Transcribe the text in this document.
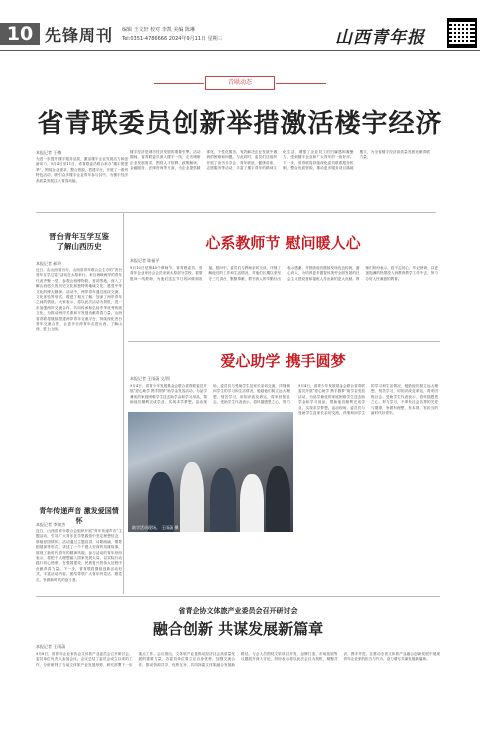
10 先锋周刊 编辑 王文轩 校对 李凯 美编 陈琳
Tel:0351-4786666 2024年9月11日 星期三	山西青年报
青联动态
省青联委员创新举措激活楼宇经济
本报记者 王梅
为进一步提升楼宇服务品质，激活楼宇企业发展活力和创新动力，9月4日至11日，省青联委员联合举办“楼宇团建季”，围绕企业需求，整合资源，搭建平台，开展了一系列特色活动，吸引众多楼宇企业青年参与其中，为楼宇经济高质量发展注入青春动能。
楼宇经济是城市经济发展的重要引擎。活动期间，省青联委员深入楼宇一线，走访调研企业发展需求，围绕人才招聘、政策解读、金融服务、法律咨询等方面，为企业提供精准化、个性化服务，有效解决企业发展中遇到的困难和问题。与此同时，委员们还组织开展了读书分享会、青年联谊、健康讲座、志愿服务等活动，丰富了楼宇青年的精神文化生活，增强了企业员工的归属感和凝聚力，受到楼宇企业和广大青年的一致好评。下一步，省青联将持续深化委员联系服务机制，整合优质资源，推动更多服务项目落地楼宇，为全省楼宇经济高质量发展贡献青联力量。
晋台青年互学互鉴
了解山西历史
本报记者 郝玲
近日，由山西省台办、山西省青年联合会主办的“晋台青年互学互鉴”活动在太原举行。来自海峡两岸的青年代表齐聚一堂，参观山西博物院、晋祠等地，深入了解山西悠久的历史文化和独特的地域文化，感受中华文化的博大精深。活动中，两岸青年通过座谈交流、文化体验等形式，增进了相互了解，加深了两岸青年之间的情谊。大家表示，将以此次活动为契机，进一步加强两岸交流合作，共同传承和弘扬中华优秀传统文化，为推动两岸关系和平发展贡献青春力量。山西省青联将继续搭建两岸青年交流平台，持续深化晋台青年交流合作，让更多台湾青年走进山西、了解山西、爱上山西。
青年传递声音 激发爱国情怀
本报记者 李知杰
近日，山西省青年联合会组织开展“青年传递声音”主题活动，引导广大青年在学思践悟中坚定理想信念，厚植爱国情怀。活动通过主题宣讲、诗歌朗诵、情景剧展演等形式，讲述了一个个感人至深的英雄故事，展现了新时代青年的精神风貌。参与活动的青年纷纷表示，将把个人理想融入国家发展大局，以实际行动践行初心使命，在强国建设、民族复兴的伟大征程中贡献青春力量。下一步，省青联将继续创新活动形式，丰富活动内容，团结带领广大青年听党话、跟党走，争做新时代的奋斗者。
心系教师节 慰问暖人心
本报记者 陈福平
9月10日是第40个教师节，省青联委员、省青年企业家协会会员来到太原部分学校，看望慰问一线教师，为他们送去节日的问候和祝福。慰问中，委员们与教师亲切交谈，详细了解他们的工作和生活情况，对他们长期以来坚守三尺讲台、默默奉献、教书育人的辛勤付出表示感谢，并鼓励他们继续发扬优良传统，潜心育人，为培养更多德智体美劳全面发展的社会主义建设者和接班人作出新的更大贡献。教师们纷纷表示，将不忘初心、牢记使命，以更加饱满的热情投入到教育教学工作中去，努力办好人民满意的教育。
爱心助学 携手圆梦
本报记者 王雨菡 文/图
9月4日，省青少年发展基金会联合省青联委员开展“爱心助学 携手圆梦”助学金发放活动，为品学兼优的家庭困难学生送去助学金和学习用品，帮助他们顺利完成学业，实现求学梦想。活动现场，委员们与受助学生及家长亲切交流，详细询问学生的学习和生活情况，勉励他们树立远大理想，刻苦学习，用知识改变命运，将来回报社会。受助学生代表表示，将怀揣感恩之心，努力
9月4日，省青少年发展基金会联合省青联委员开展“爱心助学 携手圆梦”助学金发放活动，为品学兼优的家庭困难学生送去助学金和学习用品，帮助他们顺利完成学业，实现求学梦想。活动现场，委员们与受助学生及家长亲切交流，详细询问学生的学习和生活情况，勉励他们树立远大理想，刻苦学习，用知识改变命运，将来回报社会。受助学生代表表示，将怀揣感恩之心，努力学习，不辜负社会各界的关爱与期望，争做有理想、有本领、有担当的新时代好青年。
助学活动现场。 王雨菡 摄
省青企协文体旅产业委员会召开研讨会
融合创新 共谋发展新篇章
本报记者 王雨菡
9月8日，省青年企业家协会文体旅产业委员会召开研讨会，委员单位负责人参加会议。会议总结了委员会成立以来的工作，分析研判了当前文体旅产业发展形势，研究部署下一步重点工作。会议指出，文体旅产业是推动经济社会高质量发展的重要力量，各委员单位要立足自身优势，加强交流合作，推动资源共享、优势互补，共同探索文体旅融合发展新路径。与会人员围绕文旅项目开发、品牌打造、市场拓展等议题展开深入讨论，纷纷表示将以此次会议为契机，凝聚共识，携手并进，在推动全省文体旅产业融合创新发展中展现青年企业家的担当与作为，奋力谱写共谋发展新篇章。
